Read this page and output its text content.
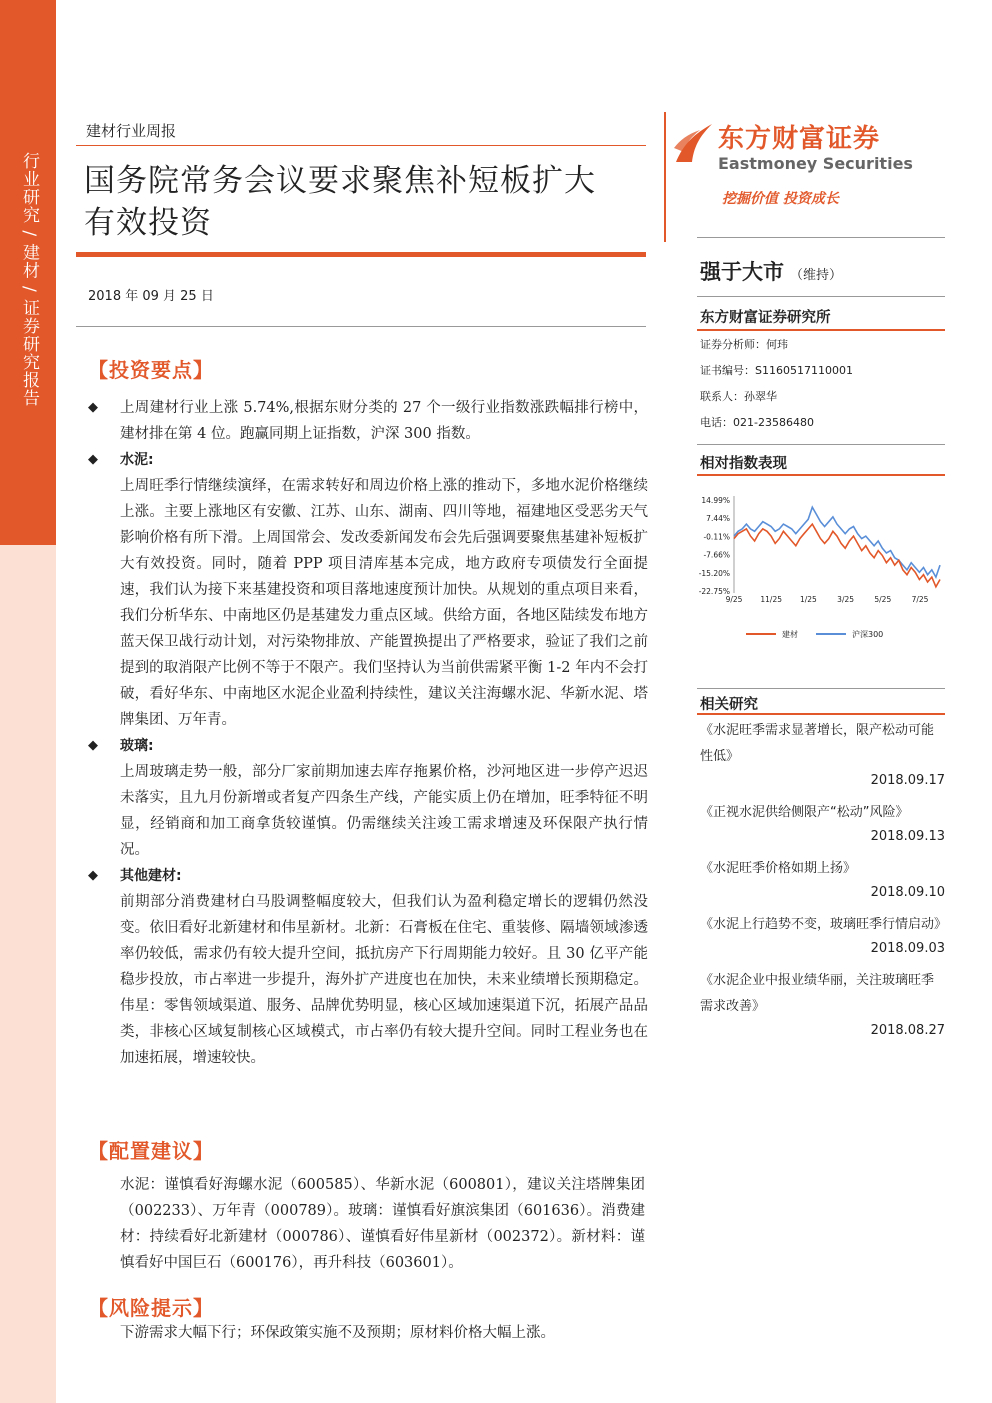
行业研究 / 建材 / 证券研究报告
建材行业周报
国务院常务会议要求聚焦补短板扩大
有效投资
2018 年 09 月 25 日
【投资要点】
◆ 上周建材行业上涨 5.74%,根据东财分类的 27 个一级行业指数涨跌幅排行榜中，建材排在第 4 位。跑赢同期上证指数，沪深 300 指数。
◆ 水泥:
上周旺季行情继续演绎，在需求转好和周边价格上涨的推动下，多地水泥价格继续上涨。主要上涨地区有安徽、江苏、山东、湖南、四川等地，福建地区受恶劣天气影响价格有所下滑。上周国常会、发改委新闻发布会先后强调要聚焦基建补短板扩大有效投资。同时，随着 PPP 项目清库基本完成，地方政府专项债发行全面提速，我们认为接下来基建投资和项目落地速度预计加快。从规划的重点项目来看，我们分析华东、中南地区仍是基建发力重点区域。供给方面，各地区陆续发布地方蓝天保卫战行动计划，对污染物排放、产能置换提出了严格要求，验证了我们之前提到的取消限产比例不等于不限产。我们坚持认为当前供需紧平衡 1-2 年内不会打破，看好华东、中南地区水泥企业盈利持续性，建议关注海螺水泥、华新水泥、塔牌集团、万年青。
◆ 玻璃:
上周玻璃走势一般，部分厂家前期加速去库存拖累价格，沙河地区进一步停产迟迟未落实，且九月份新增或者复产四条生产线，产能实质上仍在增加，旺季特征不明显，经销商和加工商拿货较谨慎。仍需继续关注竣工需求增速及环保限产执行情况。
◆ 其他建材:
前期部分消费建材白马股调整幅度较大，但我们认为盈利稳定增长的逻辑仍然没变。依旧看好北新建材和伟星新材。北新：石膏板在住宅、重装修、隔墙领域渗透率仍较低，需求仍有较大提升空间，抵抗房产下行周期能力较好。且 30 亿平产能稳步投放，市占率进一步提升，海外扩产进度也在加快，未来业绩增长预期稳定。伟星：零售领域渠道、服务、品牌优势明显，核心区域加速渠道下沉，拓展产品品类，非核心区域复制核心区域模式，市占率仍有较大提升空间。同时工程业务也在加速拓展，增速较快。
【配置建议】
水泥：谨慎看好海螺水泥（600585）、华新水泥（600801），建议关注塔牌集团（002233）、万年青（000789）。玻璃：谨慎看好旗滨集团（601636）。消费建材：持续看好北新建材（000786）、谨慎看好伟星新材（002372）。新材料：谨慎看好中国巨石（600176），再升科技（603601）。
【风险提示】
下游需求大幅下行；环保政策实施不及预期；原材料价格大幅上涨。
东方财富证券
Eastmoney Securities
挖掘价值 投资成长
强于大市 （维持）
东方财富证券研究所
证券分析师：何玮
证书编号：S1160517110001
联系人：孙翠华
电话：021-23586480
相对指数表现
14.99%
7.44%
-0.11%
-7.66%
-15.20%
-22.75%
9/25 11/25 1/25	3/25	5/25	7/25
建材	沪深300
相关研究
《水泥旺季需求显著增长，限产松动可能性低》
2018.09.17
《正视水泥供给侧限产“松动”风险》
2018.09.13
《水泥旺季价格如期上扬》
2018.09.10
《水泥上行趋势不变，玻璃旺季行情启动》
2018.09.03
《水泥企业中报业绩华丽，关注玻璃旺季需求改善》
2018.08.27
